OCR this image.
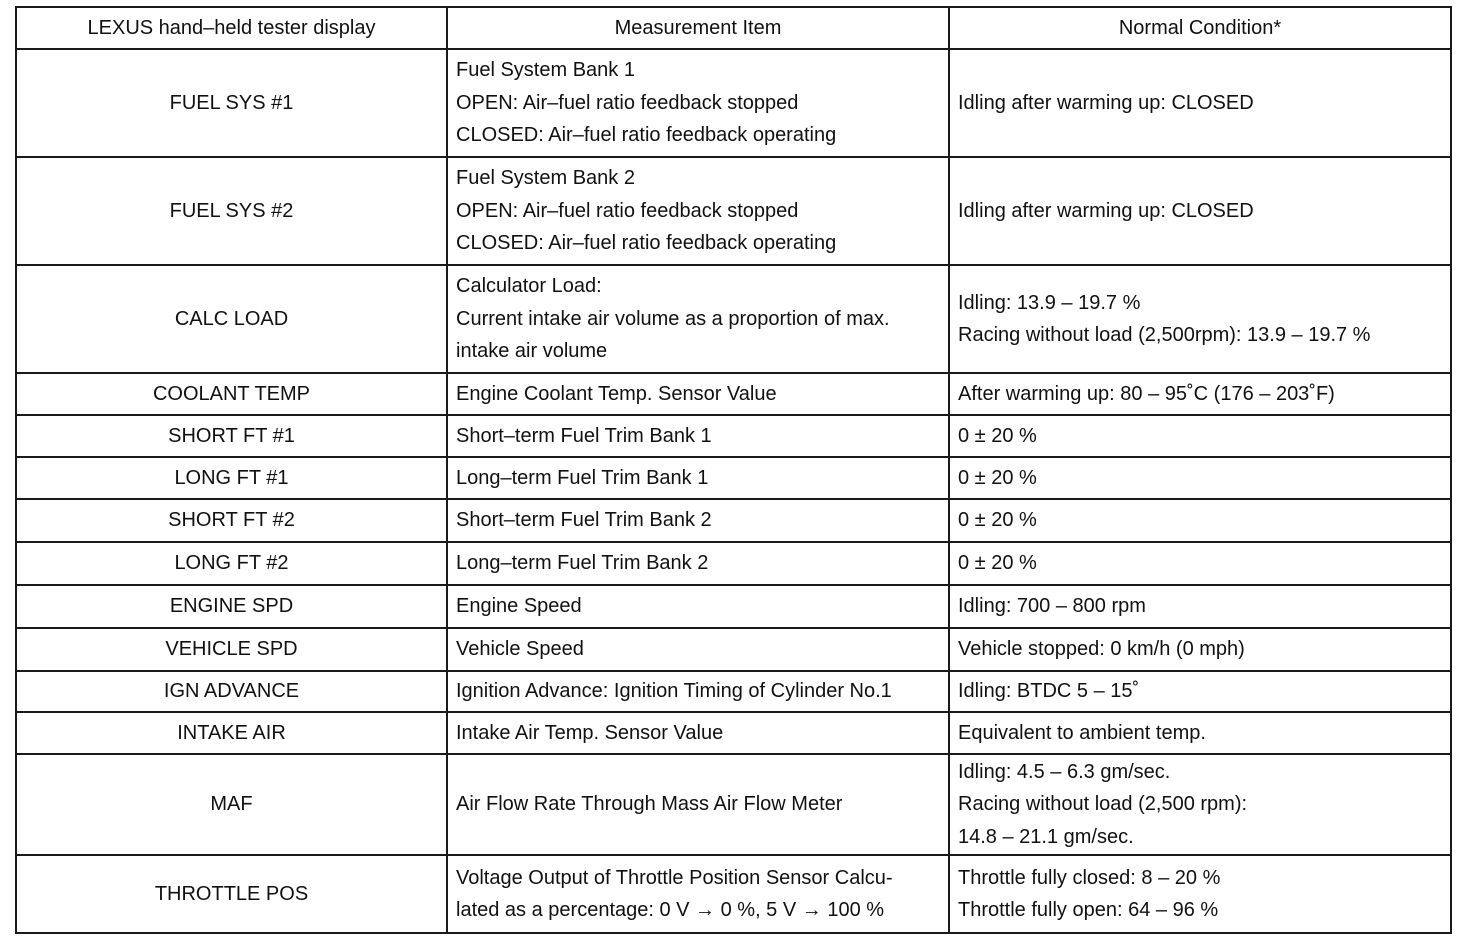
LEXUS hand–held tester display	Measurement Item	Normal Condition*
FUEL SYS #1	Fuel System Bank 1
OPEN: Air–fuel ratio feedback stopped
CLOSED: Air–fuel ratio feedback operating	Idling after warming up: CLOSED

FUEL SYS #2	Fuel System Bank 2
OPEN: Air–fuel ratio feedback stopped
CLOSED: Air–fuel ratio feedback operating	Idling after warming up: CLOSED

CALC LOAD	Calculator Load:
Current intake air volume as a proportion of max.
intake air volume	Idling: 13.9 – 19.7 %
Racing without load (2,500rpm): 13.9 – 19.7 %

COOLANT TEMP	Engine Coolant Temp. Sensor Value	After warming up: 80 – 95˚C (176 – 203˚F)

SHORT FT #1	Short–term Fuel Trim Bank 1	0 ± 20 %

LONG FT #1	Long–term Fuel Trim Bank 1	0 ± 20 %

SHORT FT #2	Short–term Fuel Trim Bank 2	0 ± 20 %

LONG FT #2	Long–term Fuel Trim Bank 2	0 ± 20 %

ENGINE SPD	Engine Speed	Idling: 700 – 800 rpm

VEHICLE SPD	Vehicle Speed	Vehicle stopped: 0 km/h (0 mph)

IGN ADVANCE	Ignition Advance: Ignition Timing of Cylinder No.1	Idling: BTDC 5 – 15˚

INTAKE AIR	Intake Air Temp. Sensor Value	Equivalent to ambient temp.

MAF	Air Flow Rate Through Mass Air Flow Meter	Idling: 4.5 – 6.3 gm/sec.
Racing without load (2,500 rpm):
14.8 – 21.1 gm/sec.

THROTTLE POS	Voltage Output of Throttle Position Sensor Calcu-
lated as a percentage: 0 V → 0 %, 5 V → 100 %	Throttle fully closed: 8 – 20 %
Throttle fully open: 64 – 96 %
